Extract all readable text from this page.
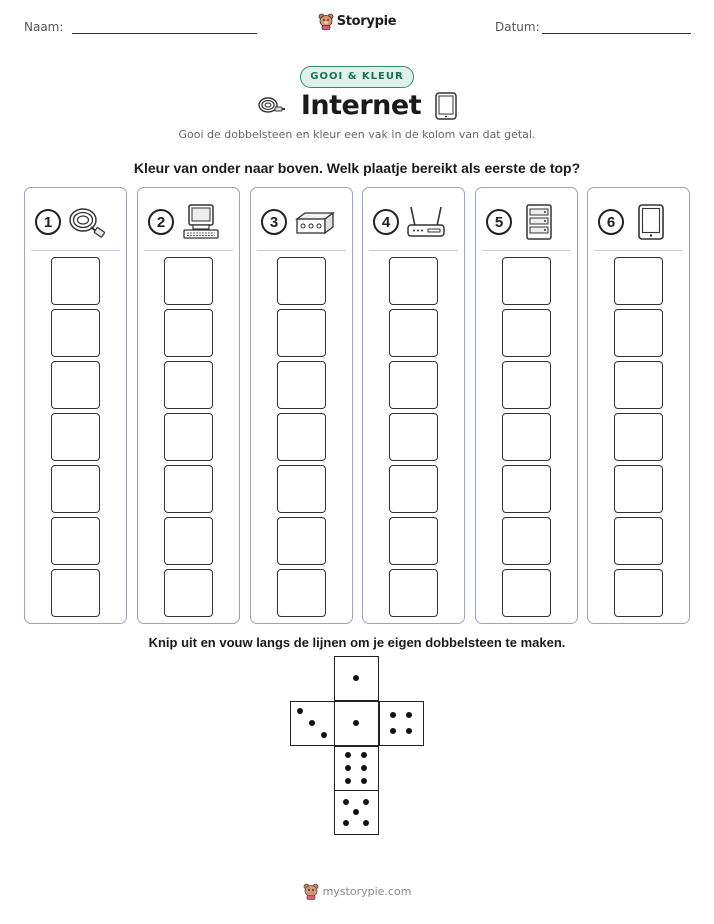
Naam:	Datum:
Storypie
GOOI & KLEUR
Internet
Gooi de dobbelsteen en kleur een vak in de kolom van dat getal.
Kleur van onder naar boven. Welk plaatje bereikt als eerste de top?
1	2	3	4	5	6
Knip uit en vouw langs de lijnen om je eigen dobbelsteen te maken.
mystorypie.com
